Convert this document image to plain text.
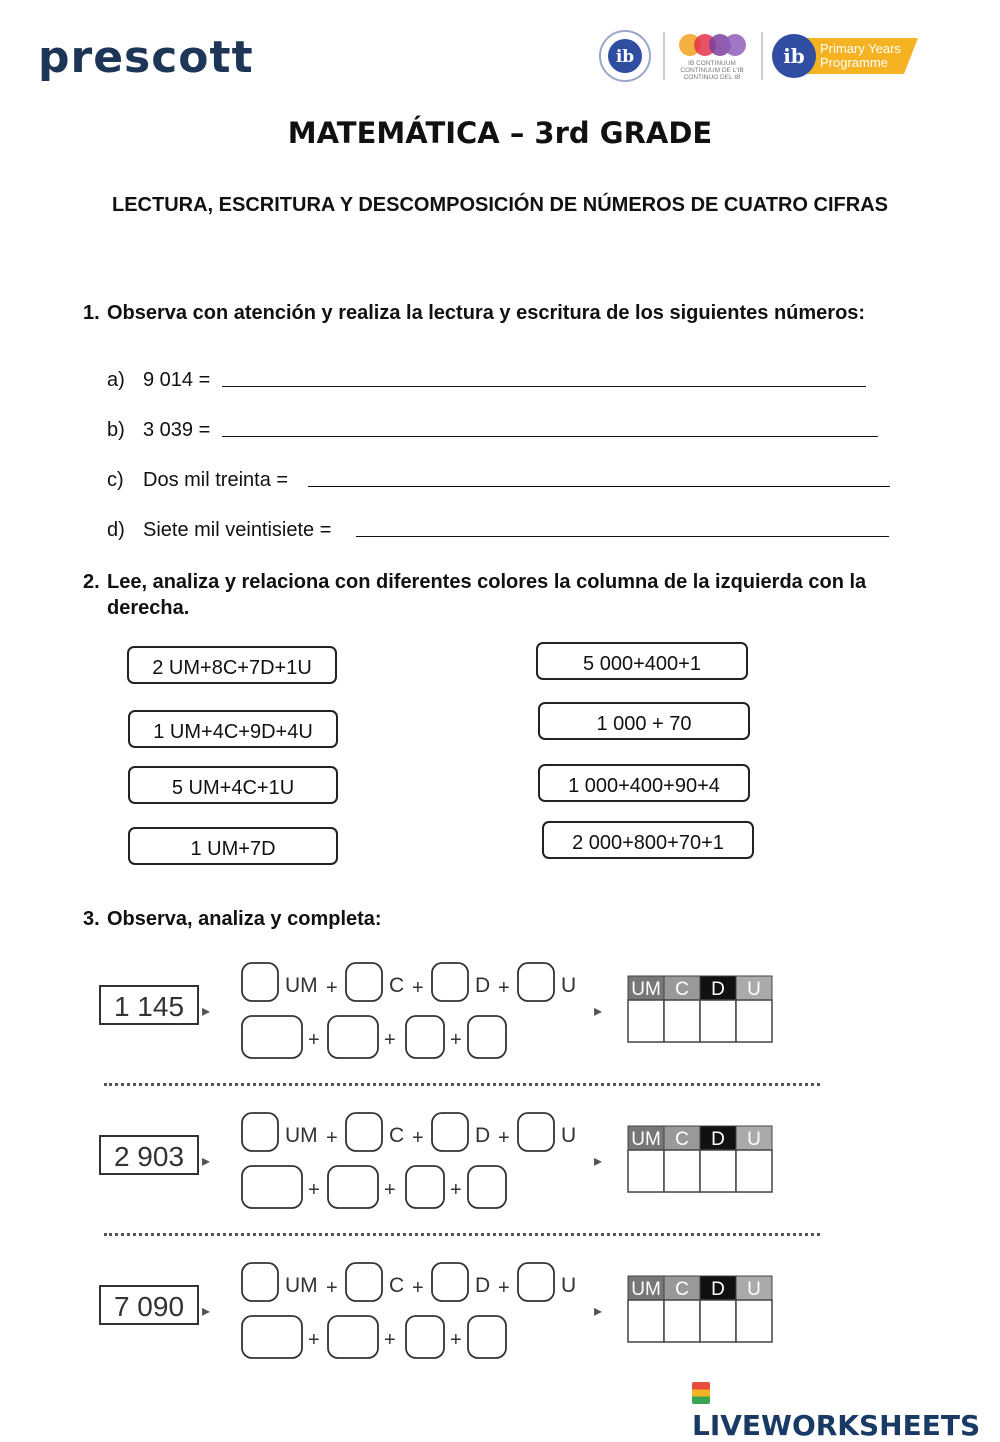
prescott	ib	IB CONTINUUM
CONTINUUM DE L'IB
CONTINUO DEL IB
ib Primary Years
Programme
MATEMÁTICA – 3rd GRADE
LECTURA, ESCRITURA Y DESCOMPOSICIÓN DE NÚMEROS DE CUATRO CIFRAS
1. Observa con atención y realiza la lectura y escritura de los siguientes números:
a) 9 014 =
b) 3 039 =
c) Dos mil treinta =
d) Siete mil veintisiete =
2. Lee, analiza y relaciona con diferentes colores la columna de la izquierda con la derecha.
2 UM+8C+7D+1U
1 UM+4C+9D+4U
5 UM+4C+1U
1 UM+7D
5 000+400+1
1 000 + 70
1 000+400+90+4
2 000+800+70+1
3. Observa, analiza y completa:
1 145 ▸
UM + C + D + U
+	+	+
▸
UM C D U
2 903 ▸
UM + C + D + U
+	+	+
▸
UM C D U
7 090 ▸
UM + C + D + U
+	+	+
▸
UM C D U
LIVEWORKSHEETS
